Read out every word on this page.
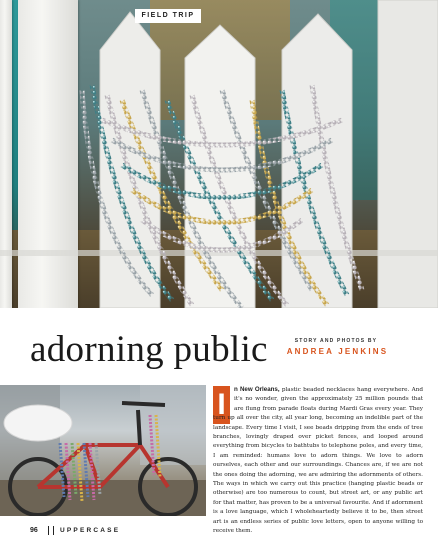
FIELD TRIP
adorning public	STORY AND PHOTOS BY
ANDREA JENKINS
I	n New Orleans, plastic beaded necklaces hang everywhere. And it's no wonder, given the approximately 25 million pounds that are flung from parade floats during Mardi Gras every year. They turn up all over the city, all year long, becoming an indelible part of the landscape. Every time I visit, I see beads dripping from the ends of tree branches, lovingly draped over picket fences, and looped around everything from bicycles to bathtubs to telephone poles, and every time, I am reminded: humans love to adorn things. We love to adorn ourselves, each other and our surroundings. Chances are, if we are not the ones doing the adorning, we are admiring the adornments of others. The ways in which we carry out this practice (hanging plastic beads or otherwise) are too numerous to count, but street art, or any public art for that matter, has proven to be a universal favourite. And if adornment is a love language, which I wholeheartedly believe it to be, then street art is an endless series of public love letters, open to anyone willing to receive them.
96	UPPERCASE
